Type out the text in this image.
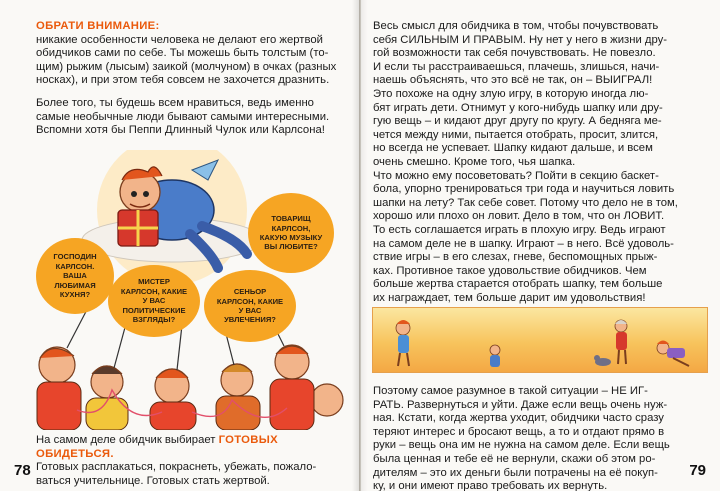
ОБРАТИ ВНИМАНИЕ:
никакие особенности человека не делают его жертвой
обидчиков сами по себе. Ты можешь быть толстым (то-
щим) рыжим (лысым) заикой (молчуном) в очках (разных
носках), и при этом тебя совсем не захочется дразнить.
Более того, ты будешь всем нравиться, ведь именно
самые необычные люди бывают самыми интересными.
Вспомни хотя бы Пеппи Длинный Чулок или Карлсона!
ТОВАРИЩ КАРЛСОН, КАКУЮ МУЗЫКУ ВЫ ЛЮБИТЕ?
ГОСПОДИН КАРЛСОН. ВАША ЛЮБИМАЯ КУХНЯ?
МИСТЕР КАРЛСОН, КАКИЕ У ВАС ПОЛИТИЧЕСКИЕ ВЗГЛЯДЫ?
СЕНЬОР КАРЛСОН, КАКИЕ У ВАС УВЛЕЧЕНИЯ?
На самом деле обидчик выбирает ГОТОВЫХ ОБИДЕТЬСЯ.
Готовых расплакаться, покраснеть, убежать, пожало-
ваться учительнице. Готовых стать жертвой.
78
Весь смысл для обидчика в том, чтобы почувствовать
себя СИЛЬНЫМ И ПРАВЫМ. Ну нет у него в жизни дру-
гой возможности так себя почувствовать. Не повезло.
И если ты расстраиваешься, плачешь, злишься, начи-
наешь объяснять, что это всё не так, он – ВЫИГРАЛ!
Это похоже на одну злую игру, в которую иногда лю-
бят играть дети. Отнимут у кого-нибудь шапку или дру-
гую вещь – и кидают друг другу по кругу. А бедняга ме-
чется между ними, пытается отобрать, просит, злится,
но всегда не успевает. Шапку кидают дальше, и всем
очень смешно. Кроме того, чья шапка.
Что можно ему посоветовать? Пойти в секцию баскет-
бола, упорно тренироваться три года и научиться ловить
шапки на лету? Так себе совет. Потому что дело не в том,
хорошо или плохо он ловит. Дело в том, что он ЛОВИТ.
То есть соглашается играть в плохую игру. Ведь играют
на самом деле не в шапку. Играют – в него. Всё удоволь-
ствие игры – в его слезах, гневе, беспомощных прыж-
ках. Противное такое удовольствие обидчиков. Чем
больше жертва старается отобрать шапку, тем больше
их награждает, тем больше дарит им удовольствия!
Поэтому самое разумное в такой ситуации – НЕ ИГ-
РАТЬ. Развернуться и уйти. Даже если вещь очень нуж-
ная. Кстати, когда жертва уходит, обидчики часто сразу
теряют интерес и бросают вещь, а то и отдают прямо в
руки – вещь она им не нужна на самом деле. Если вещь
была ценная и тебе её не вернули, скажи об этом ро-
дителям – это их деньги были потрачены на её покуп-
ку, и они имеют право требовать их вернуть.
79
